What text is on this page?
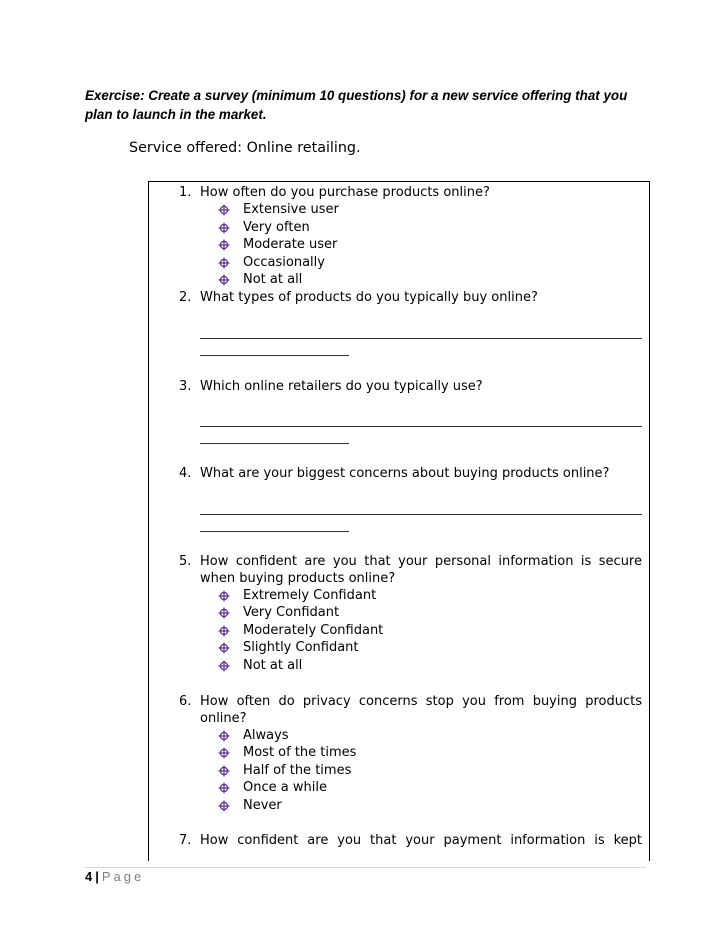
Exercise: Create a survey (minimum 10 questions) for a new service offering that you plan to launch in the market.
Service offered: Online retailing.
1. How often do you purchase products online?
Extensive user
Very often
Moderate user
Occasionally
Not at all
2. What types of products do you typically buy online?
3. Which online retailers do you typically use?
4. What are your biggest concerns about buying products online?
5. How confident are you that your personal information is secure
when buying products online?
Extremely Confidant
Very Confidant
Moderately Confidant
Slightly Confidant
Not at all
6. How often do privacy concerns stop you from buying products
online?
Always
Most of the times
Half of the times
Once a while
Never
7. How confident are you that your payment information is kept
4 | Page
